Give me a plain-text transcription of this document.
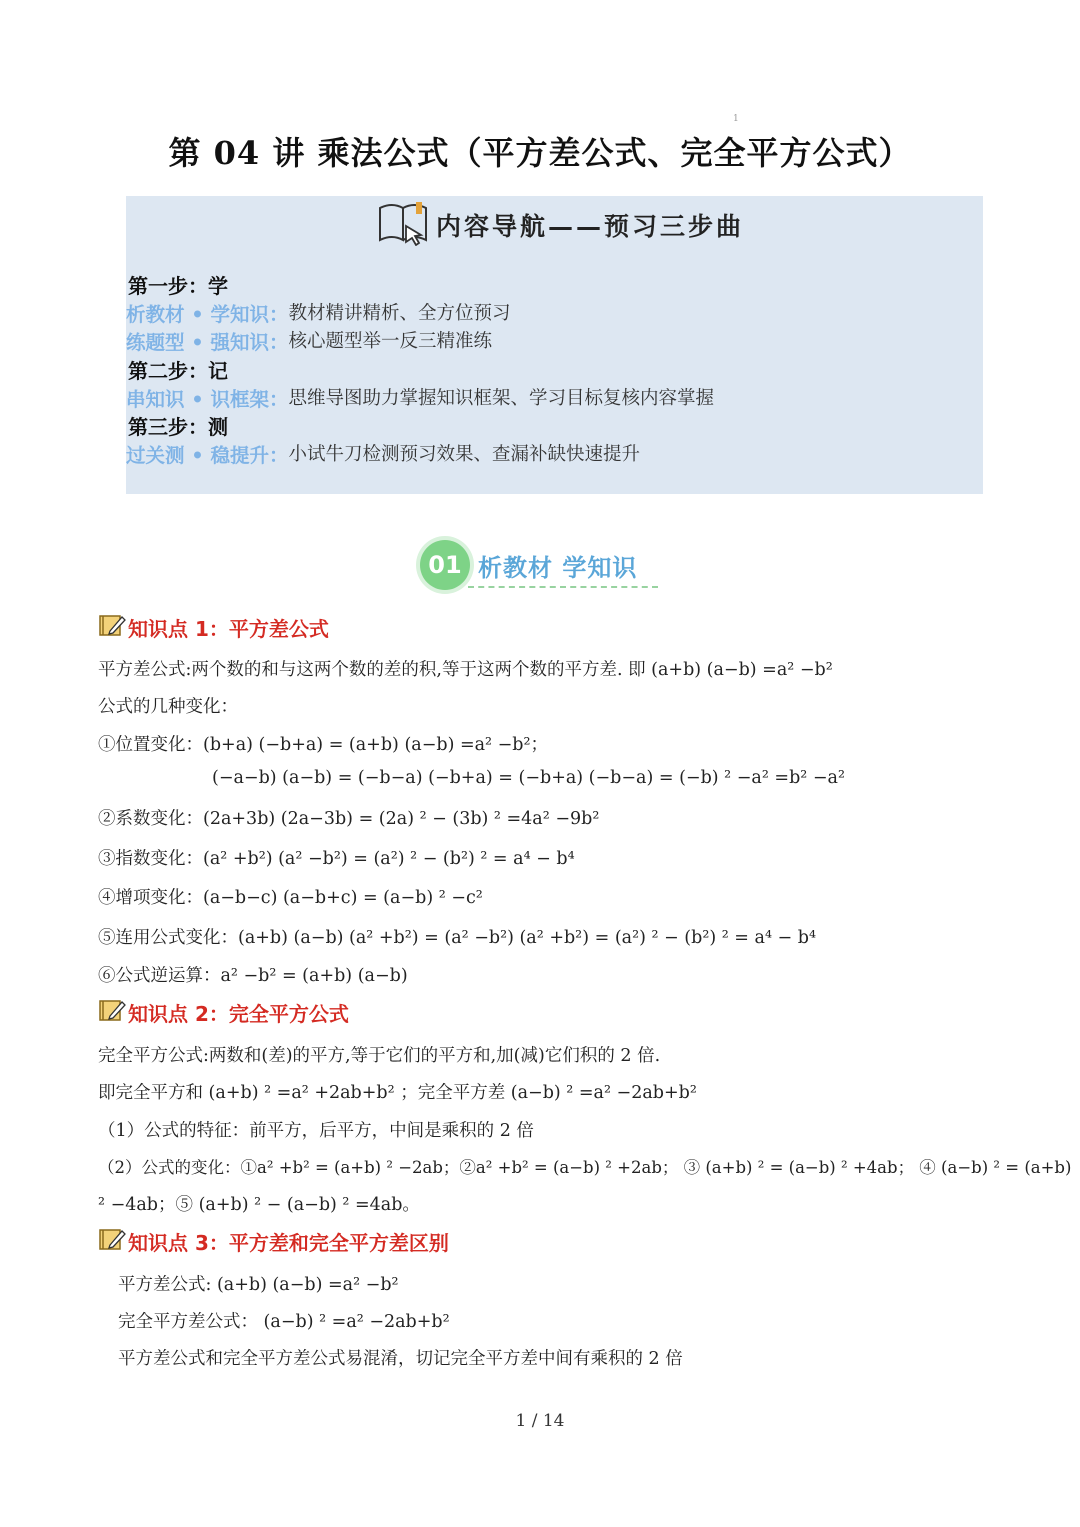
1
第 04 讲 乘法公式（平方差公式、完全平方公式）
内容导航——预习三步曲
第一步：学
析教材 • 学知识： 教材精讲精析、全方位预习
练题型 • 强知识： 核心题型举一反三精准练
第二步：记
串知识 • 识框架： 思维导图助力掌握知识框架、学习目标复核内容掌握
第三步：测
过关测 • 稳提升： 小试牛刀检测预习效果、查漏补缺快速提升
01 析教材 学知识
知识点 1：平方差公式
平方差公式:两个数的和与这两个数的差的积,等于这两个数的平方差. 即 (a+b) (a−b) =a² −b²
公式的几种变化：
①位置变化：(b+a) (−b+a) = (a+b) (a−b) =a² −b²；
(−a−b) (a−b) = (−b−a) (−b+a) = (−b+a) (−b−a) = (−b) ² −a² =b² −a²
②系数变化：(2a+3b) (2a−3b) = (2a) ² − (3b) ² =4a² −9b²
③指数变化：(a² +b²) (a² −b²) = (a²) ² − (b²) ² = a⁴ − b⁴
④增项变化：(a−b−c) (a−b+c) = (a−b) ² −c²
⑤连用公式变化：(a+b) (a−b) (a² +b²) = (a² −b²) (a² +b²) = (a²) ² − (b²) ² = a⁴ − b⁴
⑥公式逆运算：a² −b² = (a+b) (a−b)
知识点 2：完全平方公式
完全平方公式:两数和(差)的平方,等于它们的平方和,加(减)它们积的 2 倍.
即完全平方和 (a+b) ² =a² +2ab+b² ；完全平方差 (a−b) ² =a² −2ab+b²
（1）公式的特征：前平方，后平方，中间是乘积的 2 倍
（2）公式的变化：①a² +b² = (a+b) ² −2ab；②a² +b² = (a−b) ² +2ab； ③ (a+b) ² = (a−b) ² +4ab； ④ (a−b) ² = (a+b)
² −4ab；⑤ (a+b) ² − (a−b) ² =4ab。
知识点 3：平方差和完全平方差区别
平方差公式: (a+b) (a−b) =a² −b²
完全平方差公式： (a−b) ² =a² −2ab+b²
平方差公式和完全平方差公式易混淆，切记完全平方差中间有乘积的 2 倍
1 / 14
